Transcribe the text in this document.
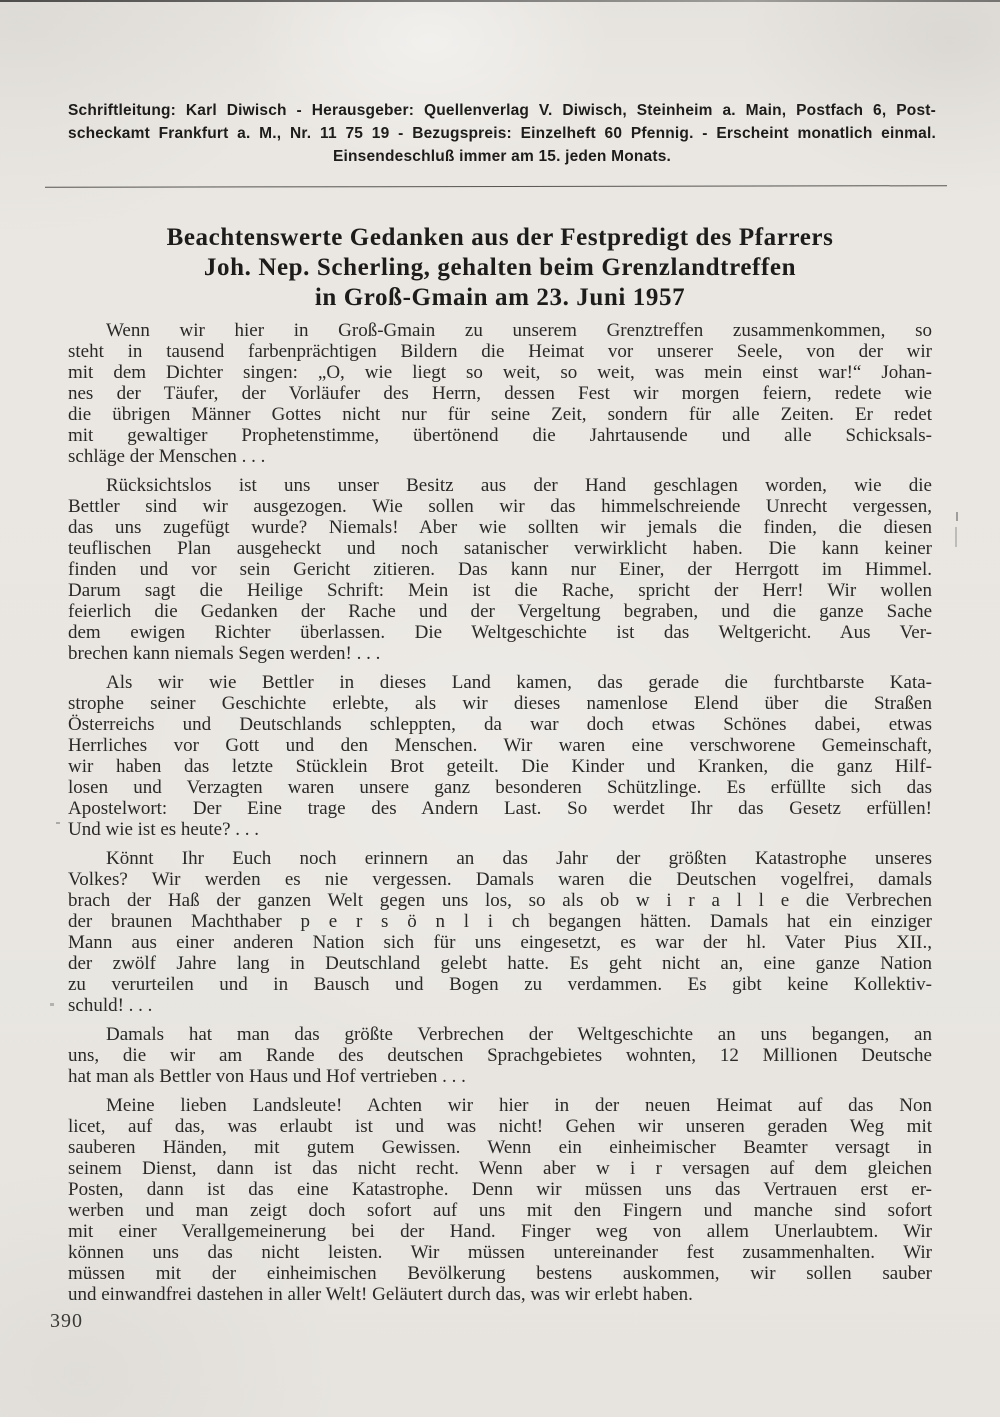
Schriftleitung: Karl Diwisch - Herausgeber: Quellenverlag V. Diwisch, Steinheim a. Main, Postfach 6, Post-
scheckamt Frankfurt a. M., Nr. 11 75 19 - Bezugspreis: Einzelheft 60 Pfennig. - Erscheint monatlich einmal.
Einsendeschluß immer am 15. jeden Monats.
Beachtenswerte Gedanken aus der Festpredigt des Pfarrers
Joh. Nep. Scherling, gehalten beim Grenzlandtreffen
in Groß-Gmain am 23. Juni 1957
Wenn wir hier in Groß-Gmain zu unserem Grenztreffen zusammenkommen, so
steht in tausend farbenprächtigen Bildern die Heimat vor unserer Seele, von der wir
mit dem Dichter singen: „O, wie liegt so weit, so weit, was mein einst war!“ Johan-
nes der Täufer, der Vorläufer des Herrn, dessen Fest wir morgen feiern, redete wie
die übrigen Männer Gottes nicht nur für seine Zeit, sondern für alle Zeiten. Er redet
mit gewaltiger Prophetenstimme, übertönend die Jahrtausende und alle Schicksals-
schläge der Menschen . . .
Rücksichtslos ist uns unser Besitz aus der Hand geschlagen worden, wie die
Bettler sind wir ausgezogen. Wie sollen wir das himmelschreiende Unrecht vergessen,
das uns zugefügt wurde? Niemals! Aber wie sollten wir jemals die finden, die diesen
teuflischen Plan ausgeheckt und noch satanischer verwirklicht haben. Die kann keiner
finden und vor sein Gericht zitieren. Das kann nur Einer, der Herrgott im Himmel.
Darum sagt die Heilige Schrift: Mein ist die Rache, spricht der Herr! Wir wollen
feierlich die Gedanken der Rache und der Vergeltung begraben, und die ganze Sache
dem ewigen Richter überlassen. Die Weltgeschichte ist das Weltgericht. Aus Ver-
brechen kann niemals Segen werden! . . .
Als wir wie Bettler in dieses Land kamen, das gerade die furchtbarste Kata-
strophe seiner Geschichte erlebte, als wir dieses namenlose Elend über die Straßen
Österreichs und Deutschlands schleppten, da war doch etwas Schönes dabei, etwas
Herrliches vor Gott und den Menschen. Wir waren eine verschworene Gemeinschaft,
wir haben das letzte Stücklein Brot geteilt. Die Kinder und Kranken, die ganz Hilf-
losen und Verzagten waren unsere ganz besonderen Schützlinge. Es erfüllte sich das
Apostelwort: Der Eine trage des Andern Last. So werdet Ihr das Gesetz erfüllen!
Und wie ist es heute? . . .
Könnt Ihr Euch noch erinnern an das Jahr der größten Katastrophe unseres
Volkes? Wir werden es nie vergessen. Damals waren die Deutschen vogelfrei, damals
brach der Haß der ganzen Welt gegen uns los, so als ob w i r a l l e die Verbrechen
der braunen Machthaber p e r s ö n l i ch begangen hätten. Damals hat ein einziger
Mann aus einer anderen Nation sich für uns eingesetzt, es war der hl. Vater Pius XII.,
der zwölf Jahre lang in Deutschland gelebt hatte. Es geht nicht an, eine ganze Nation
zu verurteilen und in Bausch und Bogen zu verdammen. Es gibt keine Kollektiv-
schuld! . . .
Damals hat man das größte Verbrechen der Weltgeschichte an uns begangen, an
uns, die wir am Rande des deutschen Sprachgebietes wohnten, 12 Millionen Deutsche
hat man als Bettler von Haus und Hof vertrieben . . .
Meine lieben Landsleute! Achten wir hier in der neuen Heimat auf das Non
licet, auf das, was erlaubt ist und was nicht! Gehen wir unseren geraden Weg mit
sauberen Händen, mit gutem Gewissen. Wenn ein einheimischer Beamter versagt in
seinem Dienst, dann ist das nicht recht. Wenn aber w i r versagen auf dem gleichen
Posten, dann ist das eine Katastrophe. Denn wir müssen uns das Vertrauen erst er-
werben und man zeigt doch sofort auf uns mit den Fingern und manche sind sofort
mit einer Verallgemeinerung bei der Hand. Finger weg von allem Unerlaubtem. Wir
können uns das nicht leisten. Wir müssen untereinander fest zusammenhalten. Wir
müssen mit der einheimischen Bevölkerung bestens auskommen, wir sollen sauber
und einwandfrei dastehen in aller Welt! Geläutert durch das, was wir erlebt haben.
390
